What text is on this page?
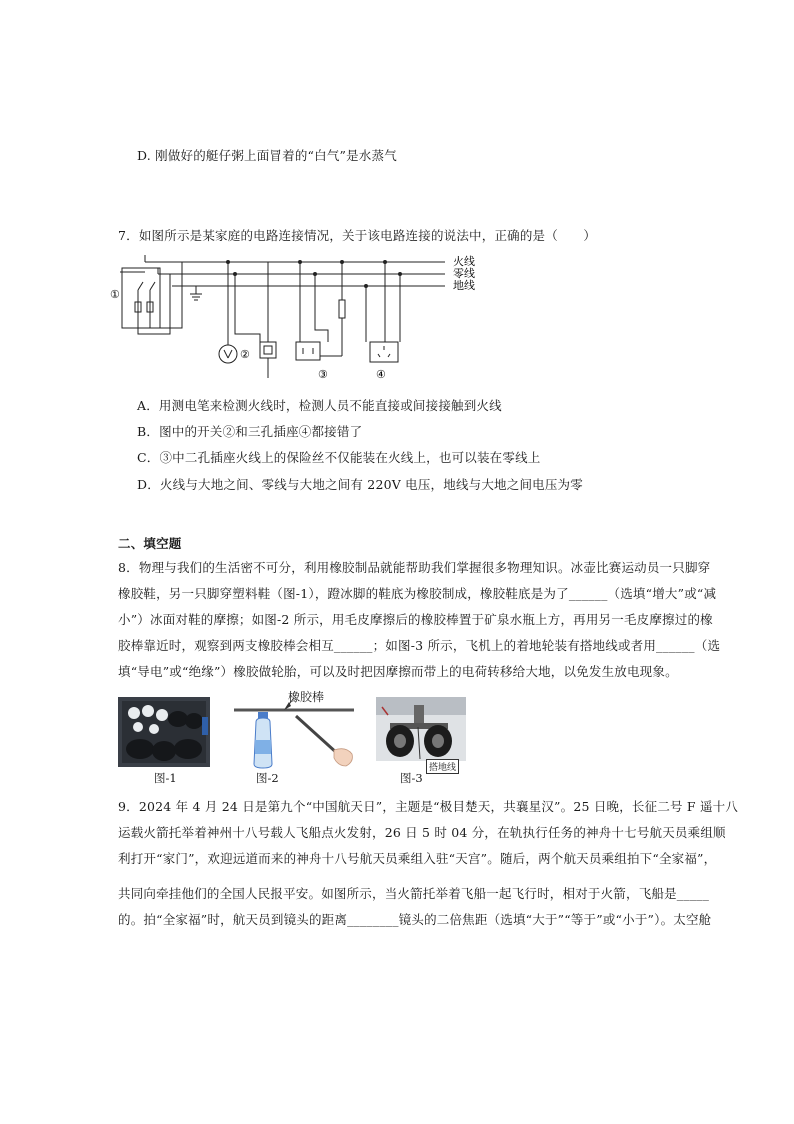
D. 刚做好的艇仔粥上面冒着的“白气”是水蒸气
7．如图所示是某家庭的电路连接情况，关于该电路连接的说法中，正确的是（　　）
火线
零线
地线
①
②
③	④
A．用测电笔来检测火线时，检测人员不能直接或间接接触到火线
B．图中的开关②和三孔插座④都接错了
C．③中二孔插座火线上的保险丝不仅能装在火线上，也可以装在零线上
D．火线与大地之间、零线与大地之间有 220V 电压，地线与大地之间电压为零
二、填空题
8．物理与我们的生活密不可分，利用橡胶制品就能帮助我们掌握很多物理知识。冰壶比赛运动员一只脚穿
橡胶鞋，另一只脚穿塑料鞋（图-1），蹬冰脚的鞋底为橡胶制成，橡胶鞋底是为了______（选填“增大”或“减
小”）冰面对鞋的摩擦；如图-2 所示，用毛皮摩擦后的橡胶棒置于矿泉水瓶上方，再用另一毛皮摩擦过的橡
胶棒靠近时，观察到两支橡胶棒会相互______；如图-3 所示，飞机上的着地轮装有搭地线或者用______（选
填“导电”或“绝缘”）橡胶做轮胎，可以及时把因摩擦而带上的电荷转移给大地，以免发生放电现象。
图-1
橡胶棒
图-2
搭地线
图-3
9．2024 年 4 月 24 日是第九个“中国航天日”，主题是“极目楚天，共襄星汉”。25 日晚，长征二号 F 遥十八
运载火箭托举着神州十八号载人飞船点火发射，26 日 5 时 04 分，在轨执行任务的神舟十七号航天员乘组顺
利打开“家门”，欢迎远道而来的神舟十八号航天员乘组入驻“天宫”。随后，两个航天员乘组拍下“全家福”，
共同向牵挂他们的全国人民报平安。如图所示，当火箭托举着飞船一起飞行时，相对于火箭，飞船是_____
的。拍“全家福”时，航天员到镜头的距离________镜头的二倍焦距（选填“大于”“等于”或“小于”）。太空舱
